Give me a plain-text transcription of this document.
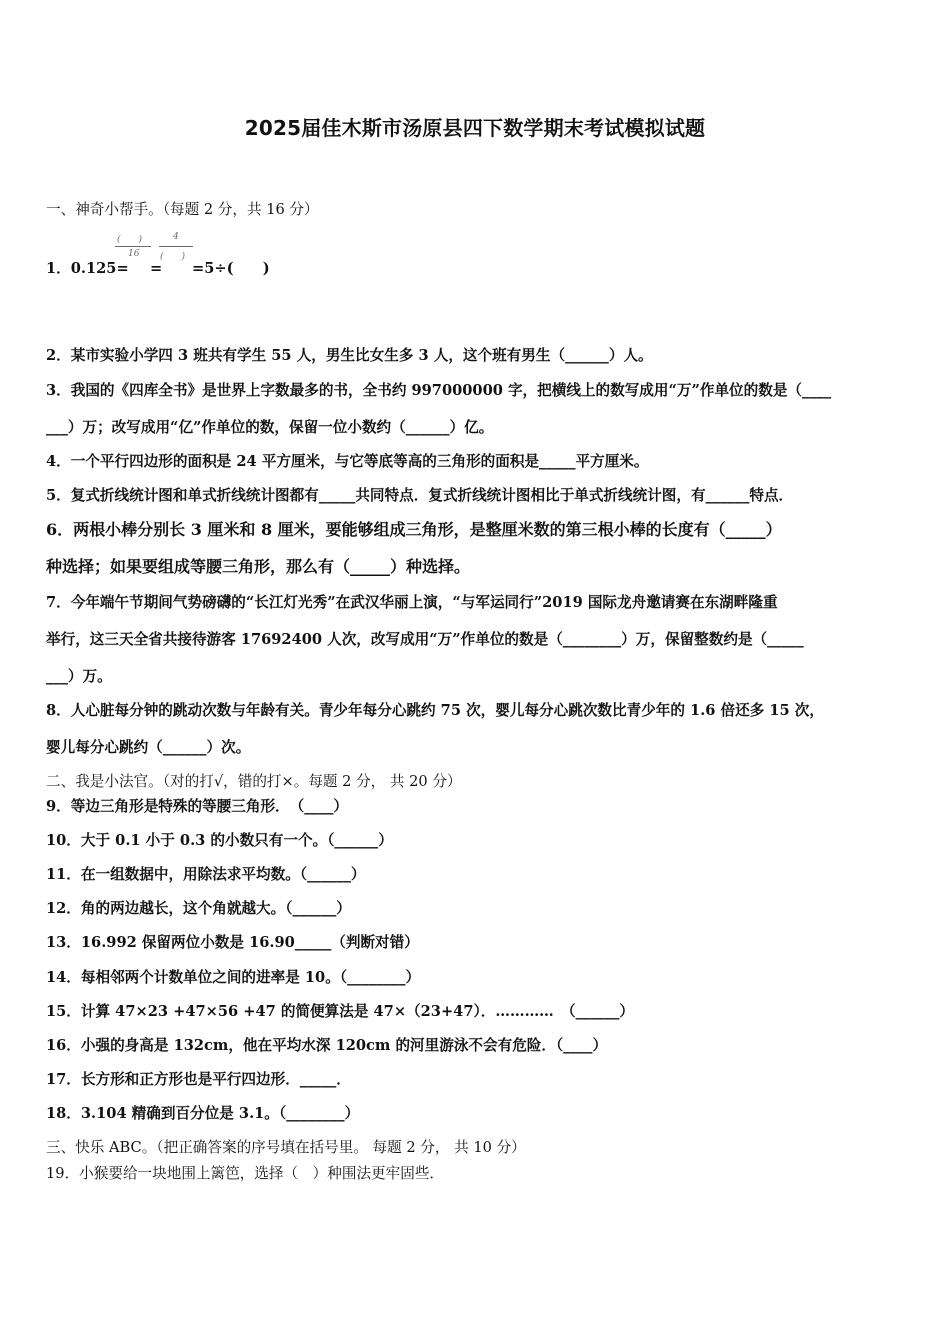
2025届佳木斯市汤原县四下数学期末考试模拟试题
一、神奇小帮手。（每题 2 分，共 16 分）
(　　)
16
4
(　　)
1．0.125= = =5÷(　　)
2．某市实验小学四 3 班共有学生 55 人，男生比女生多 3 人，这个班有男生（______）人。
3．我国的《四库全书》是世界上字数最多的书，全书约 997000000 字，把横线上的数写成用“万”作单位的数是（____
___）万；改写成用“亿”作单位的数，保留一位小数约（______）亿。
4．一个平行四边形的面积是 24 平方厘米，与它等底等高的三角形的面积是_____平方厘米。
5．复式折线统计图和单式折线统计图都有_____共同特点．复式折线统计图相比于单式折线统计图，有______特点．
6．两根小棒分别长 3 厘米和 8 厘米，要能够组成三角形，是整厘米数的第三根小棒的长度有（_____）
种选择；如果要组成等腰三角形，那么有（_____）种选择。
7．今年端午节期间气势磅礴的“长江灯光秀”在武汉华丽上演，“与军运同行”2019 国际龙舟邀请赛在东湖畔隆重
举行，这三天全省共接待游客 17692400 人次，改写成用“万”作单位的数是（________）万，保留整数约是（_____
___）万。
8．人心脏每分钟的跳动次数与年龄有关。青少年每分心跳约 75 次，婴儿每分心跳次数比青少年的 1.6 倍还多 15 次，
婴儿每分心跳约（______）次。
二、我是小法官。（对的打√，错的打×。每题 2 分， 共 20 分）
9．等边三角形是特殊的等腰三角形．　（____）
10．大于 0.1 小于 0.3 的小数只有一个。（______）
11．在一组数据中，用除法求平均数。（______）
12．角的两边越长，这个角就越大。（______）
13．16.992 保留两位小数是 16.90_____（判断对错）
14．每相邻两个计数单位之间的进率是 10。（________）
15．计算 47×23 +47×56 +47 的简便算法是 47×（23+47）．…………　（______）
16．小强的身高是 132cm，他在平均水深 120cm 的河里游泳不会有危险．（____）
17．长方形和正方形也是平行四边形．_____．
18．3.104 精确到百分位是 3.1。（________）
三、快乐 ABC。（把正确答案的序号填在括号里。 每题 2 分， 共 10 分）
19．小猴要给一块地围上篱笆，选择（　）种围法更牢固些．
